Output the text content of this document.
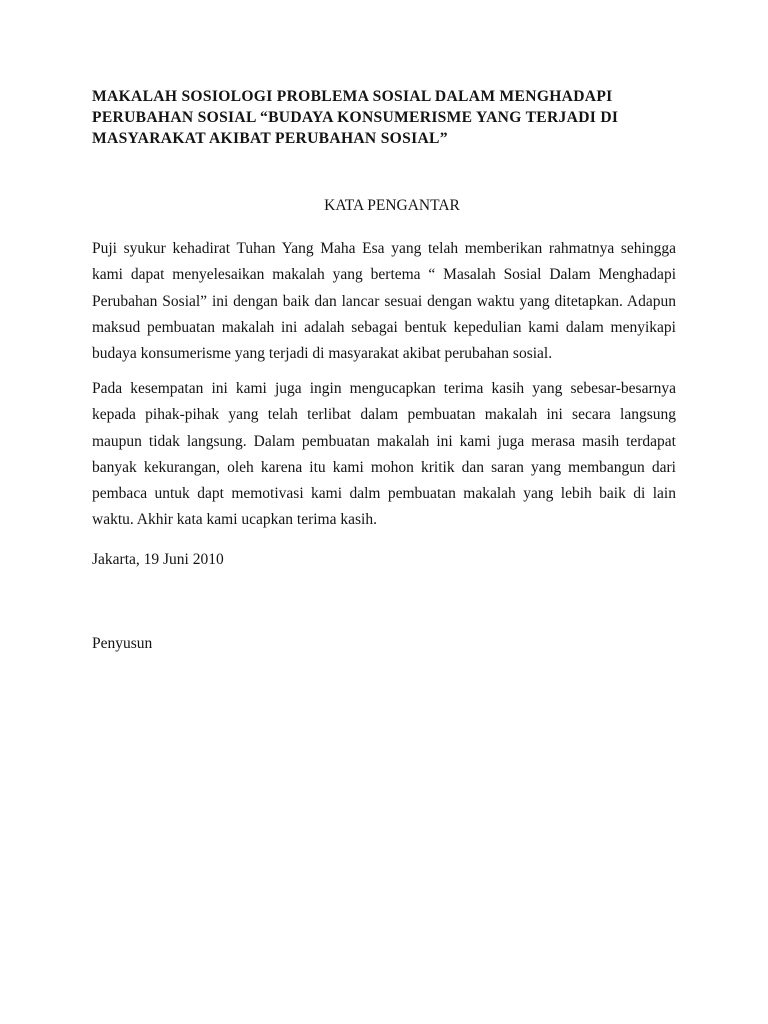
MAKALAH SOSIOLOGI PROBLEMA SOSIAL DALAM MENGHADAPI PERUBAHAN SOSIAL “BUDAYA KONSUMERISME YANG TERJADI DI MASYARAKAT AKIBAT PERUBAHAN SOSIAL”
KATA PENGANTAR

Puji syukur kehadirat Tuhan Yang Maha Esa yang telah memberikan rahmatnya sehingga kami dapat menyelesaikan makalah yang bertema “ Masalah Sosial Dalam Menghadapi Perubahan Sosial” ini dengan baik dan lancar sesuai dengan waktu yang ditetapkan. Adapun maksud pembuatan makalah ini adalah sebagai bentuk kepedulian kami dalam menyikapi budaya konsumerisme yang terjadi di masyarakat akibat perubahan sosial.

Pada kesempatan ini kami juga ingin mengucapkan terima kasih yang sebesar-besarnya kepada pihak-pihak yang telah terlibat dalam pembuatan makalah ini secara langsung maupun tidak langsung. Dalam pembuatan makalah ini kami juga merasa masih terdapat banyak kekurangan, oleh karena itu kami mohon kritik dan saran yang membangun dari pembaca untuk dapt memotivasi kami dalm pembuatan makalah yang lebih baik di lain waktu. Akhir kata kami ucapkan terima kasih.

Jakarta, 19 Juni 2010

Penyusun
